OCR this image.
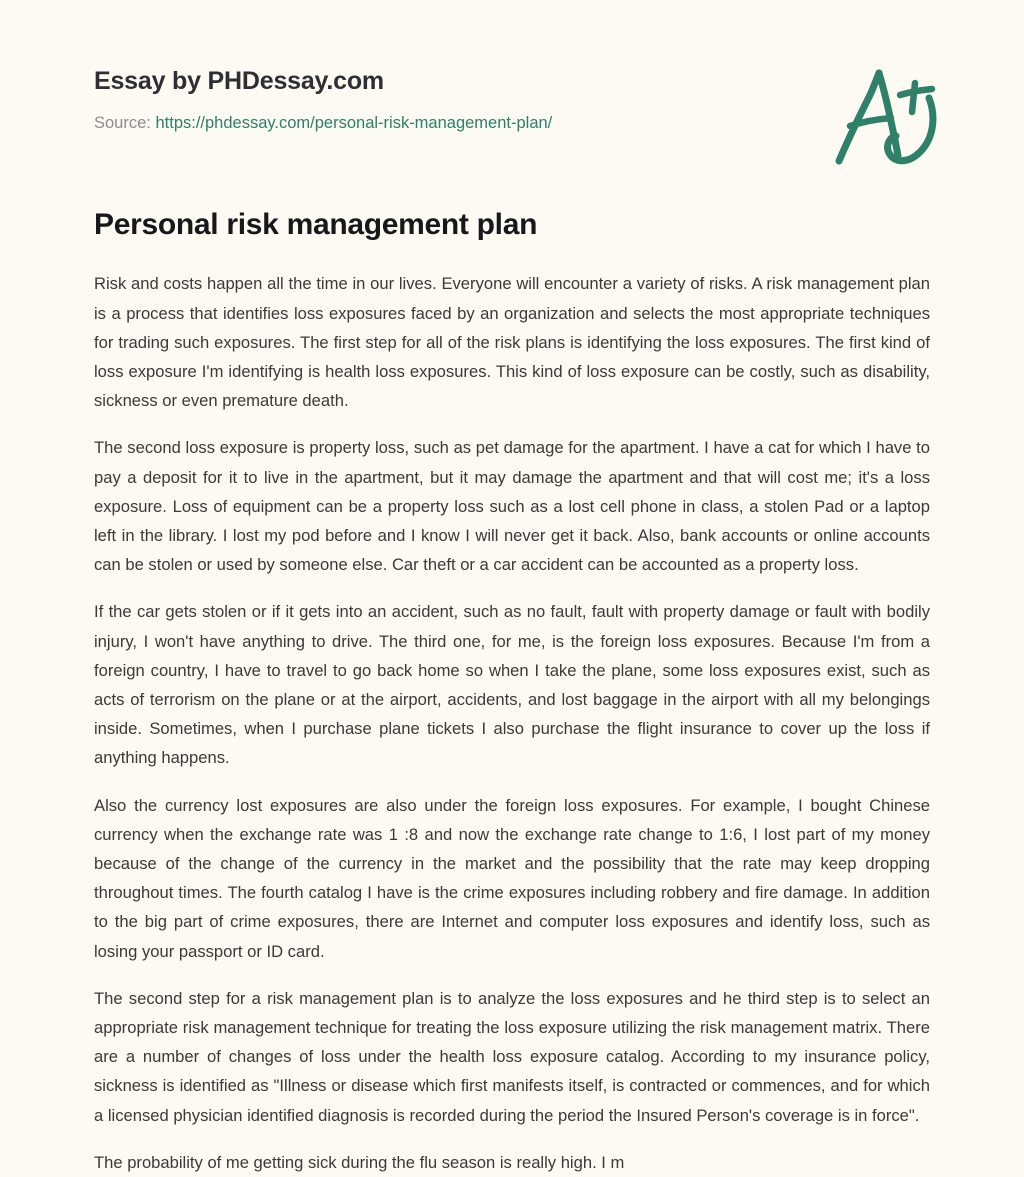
Essay by PHDessay.com
Source: https://phdessay.com/personal-risk-management-plan/
Personal risk management plan

Risk and costs happen all the time in our lives. Everyone will encounter a variety of risks. A risk management plan is a process that identifies loss exposures faced by an organization and selects the most appropriate techniques for trading such exposures. The first step for all of the risk plans is identifying the loss exposures. The first kind of loss exposure I'm identifying is health loss exposures. This kind of loss exposure can be costly, such as disability, sickness or even premature death.

The second loss exposure is property loss, such as pet damage for the apartment. I have a cat for which I have to pay a deposit for it to live in the apartment, but it may damage the apartment and that will cost me; it's a loss exposure. Loss of equipment can be a property loss such as a lost cell phone in class, a stolen Pad or a laptop left in the library. I lost my pod before and I know I will never get it back. Also, bank accounts or online accounts can be stolen or used by someone else. Car theft or a car accident can be accounted as a property loss.

If the car gets stolen or if it gets into an accident, such as no fault, fault with property damage or fault with bodily injury, I won't have anything to drive. The third one, for me, is the foreign loss exposures. Because I'm from a foreign country, I have to travel to go back home so when I take the plane, some loss exposures exist, such as acts of terrorism on the plane or at the airport, accidents, and lost baggage in the airport with all my belongings inside. Sometimes, when I purchase plane tickets I also purchase the flight insurance to cover up the loss if anything happens.

Also the currency lost exposures are also under the foreign loss exposures. For example, I bought Chinese currency when the exchange rate was 1 :8 and now the exchange rate change to 1:6, I lost part of my money because of the change of the currency in the market and the possibility that the rate may keep dropping throughout times. The fourth catalog I have is the crime exposures including robbery and fire damage. In addition to the big part of crime exposures, there are Internet and computer loss exposures and identify loss, such as losing your passport or ID card.

The second step for a risk management plan is to analyze the loss exposures and he third step is to select an appropriate risk management technique for treating the loss exposure utilizing the risk management matrix. There are a number of changes of loss under the health loss exposure catalog. According to my insurance policy, sickness is identified as "Illness or disease which first manifests itself, is contracted or commences, and for which a licensed physician identified diagnosis is recorded during the period the Insured Person's coverage is in force".

The probability of me getting sick during the flu season is really high. I m
